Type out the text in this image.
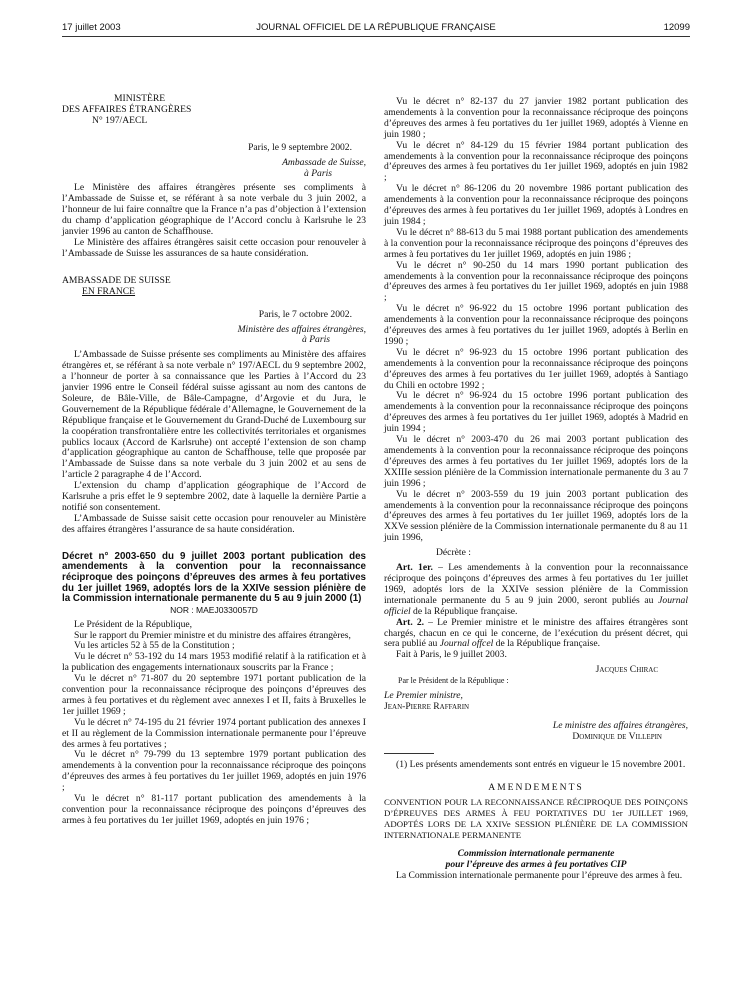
17 juillet 2003	JOURNAL OFFICIEL DE LA RÉPUBLIQUE FRANÇAISE	12099

MINISTÈRE

DES AFFAIRES ÉTRANGÈRES

N° 197/AECL

Paris, le 9 septembre 2002.

Ambassade de Suisse,

à Paris

Le Ministère des affaires étrangères présente ses compliments à l’Ambassade de Suisse et, se référant à sa note verbale du 3 juin 2002, a l’honneur de lui faire connaître que la France n’a pas d’objection à l’extension du champ d’application géographique de l’Accord conclu à Karlsruhe le 23 janvier 1996 au canton de Schaffhouse.

Le Ministère des affaires étrangères saisit cette occasion pour renouveler à l’Ambassade de Suisse les assurances de sa haute considération.

AMBASSADE DE SUISSE

EN FRANCE

Paris, le 7 octobre 2002.

Ministère des affaires étrangères,

à Paris

L’Ambassade de Suisse présente ses compliments au Ministère des affaires étrangères et, se référant à sa note verbale n° 197/AECL du 9 septembre 2002, a l’honneur de porter à sa connaissance que les Parties à l’Accord du 23 janvier 1996 entre le Conseil fédéral suisse agissant au nom des cantons de Soleure, de Bâle-Ville, de Bâle-Campagne, d’Argovie et du Jura, le Gouvernement de la République fédérale d’Allemagne, le Gouvernement de la République française et le Gouvernement du Grand-Duché de Luxembourg sur la coopération transfrontalière entre les collectivités territoriales et organismes publics locaux (Accord de Karlsruhe) ont accepté l’extension de son champ d’application géographique au canton de Schaffhouse, telle que proposée par l’Ambassade de Suisse dans sa note verbale du 3 juin 2002 et au sens de l’article 2 paragraphe 4 de l’Accord.

L’extension du champ d’application géographique de l’Accord de Karlsruhe a pris effet le 9 septembre 2002, date à laquelle la dernière Partie a notifié son consentement.

L’Ambassade de Suisse saisit cette occasion pour renouveler au Ministère des affaires étrangères l’assurance de sa haute considération.

Décret n° 2003-650 du 9 juillet 2003 portant publication des amendements à la convention pour la reconnaissance réciproque des poinçons d’épreuves des armes à feu portatives du 1er juillet 1969, adoptés lors de la XXIVe session plénière de la Commission internationale permanente du 5 au 9 juin 2000 (1)

NOR : MAEJ0330057D

Le Président de la République,

Sur le rapport du Premier ministre et du ministre des affaires étrangères,

Vu les articles 52 à 55 de la Constitution ;

Vu le décret n° 53-192 du 14 mars 1953 modifié relatif à la ratification et à la publication des engagements internationaux souscrits par la France ;

Vu le décret n° 71-807 du 20 septembre 1971 portant publication de la convention pour la reconnaissance réciproque des poinçons d’épreuves des armes à feu portatives et du règlement avec annexes I et II, faits à Bruxelles le 1er juillet 1969 ;

Vu le décret n° 74-195 du 21 février 1974 portant publication des annexes I et II au règlement de la Commission internationale permanente pour l’épreuve des armes à feu portatives ;

Vu le décret n° 79-799 du 13 septembre 1979 portant publication des amendements à la convention pour la reconnaissance réciproque des poinçons d’épreuves des armes à feu portatives du 1er juillet 1969, adoptés en juin 1976 ;

Vu le décret n° 81-117 portant publication des amendements à la convention pour la reconnaissance réciproque des poinçons d’épreuves des armes à feu portatives du 1er juillet 1969, adoptés en juin 1976 ;

Vu le décret n° 82-137 du 27 janvier 1982 portant publication des amendements à la convention pour la reconnaissance réciproque des poinçons d’épreuves des armes à feu portatives du 1er juillet 1969, adoptés à Vienne en juin 1980 ;

Vu le décret n° 84-129 du 15 février 1984 portant publication des amendements à la convention pour la reconnaissance réciproque des poinçons d’épreuves des armes à feu portatives du 1er juillet 1969, adoptés en juin 1982 ;

Vu le décret n° 86-1206 du 20 novembre 1986 portant publication des amendements à la convention pour la reconnaissance réciproque des poinçons d’épreuves des armes à feu portatives du 1er juillet 1969, adoptés à Londres en juin 1984 ;

Vu le décret n° 88-613 du 5 mai 1988 portant publication des amendements à la convention pour la reconnaissance réciproque des poinçons d’épreuves des armes à feu portatives du 1er juillet 1969, adoptés en juin 1986 ;

Vu le décret n° 90-250 du 14 mars 1990 portant publication des amendements à la convention pour la reconnaissance réciproque des poinçons d’épreuves des armes à feu portatives du 1er juillet 1969, adoptés en juin 1988 ;

Vu le décret n° 96-922 du 15 octobre 1996 portant publication des amendements à la convention pour la reconnaissance réciproque des poinçons d’épreuves des armes à feu portatives du 1er juillet 1969, adoptés à Berlin en 1990 ;

Vu le décret n° 96-923 du 15 octobre 1996 portant publication des amendements à la convention pour la reconnaissance réciproque des poinçons d’épreuves des armes à feu portatives du 1er juillet 1969, adoptés à Santiago du Chili en octobre 1992 ;

Vu le décret n° 96-924 du 15 octobre 1996 portant publication des amendements à la convention pour la reconnaissance réciproque des poinçons d’épreuves des armes à feu portatives du 1er juillet 1969, adoptés à Madrid en juin 1994 ;

Vu le décret n° 2003-470 du 26 mai 2003 portant publication des amendements à la convention pour la reconnaissance réciproque des poinçons d’épreuves des armes à feu portatives du 1er juillet 1969, adoptés lors de la XXIIIe session plénière de la Commission internationale permanente du 3 au 7 juin 1996 ;

Vu le décret n° 2003-559 du 19 juin 2003 portant publication des amendements à la convention pour la reconnaissance réciproque des poinçons d’épreuves des armes à feu portatives du 1er juillet 1969, adoptés lors de la XXVe session plénière de la Commission internationale permanente du 8 au 11 juin 1996,

Décrète :

Art. 1er. – Les amendements à la convention pour la reconnaissance réciproque des poinçons d’épreuves des armes à feu portatives du 1er juillet 1969, adoptés lors de la XXIVe session plénière de la Commission internationale permanente du 5 au 9 juin 2000, seront publiés au Journal officiel de la République française.

Art. 2. – Le Premier ministre et le ministre des affaires étrangères sont chargés, chacun en ce qui le concerne, de l’exécution du présent décret, qui sera publié au Journal offcel de la République française.

Fait à Paris, le 9 juillet 2003.

Jacques Chirac

Par le Président de la République :

Le Premier ministre,

Jean-Pierre Raffarin

Le ministre des affaires étrangères,

Dominique de Villepin

(1) Les présents amendements sont entrés en vigueur le 15 novembre 2001.

AMENDEMENTS

CONVENTION POUR LA RECONNAISSANCE RÉCIPROQUE DES POINÇONS D’ÉPREUVES DES ARMES À FEU PORTATIVES DU 1er JUILLET 1969, ADOPTÉS LORS DE LA XXIVe SESSION PLÉNIÈRE DE LA COMMISSION INTERNATIONALE PERMANENTE

Commission internationale permanente

pour l’épreuve des armes à feu portatives CIP

La Commission internationale permanente pour l’épreuve des armes à feu.
